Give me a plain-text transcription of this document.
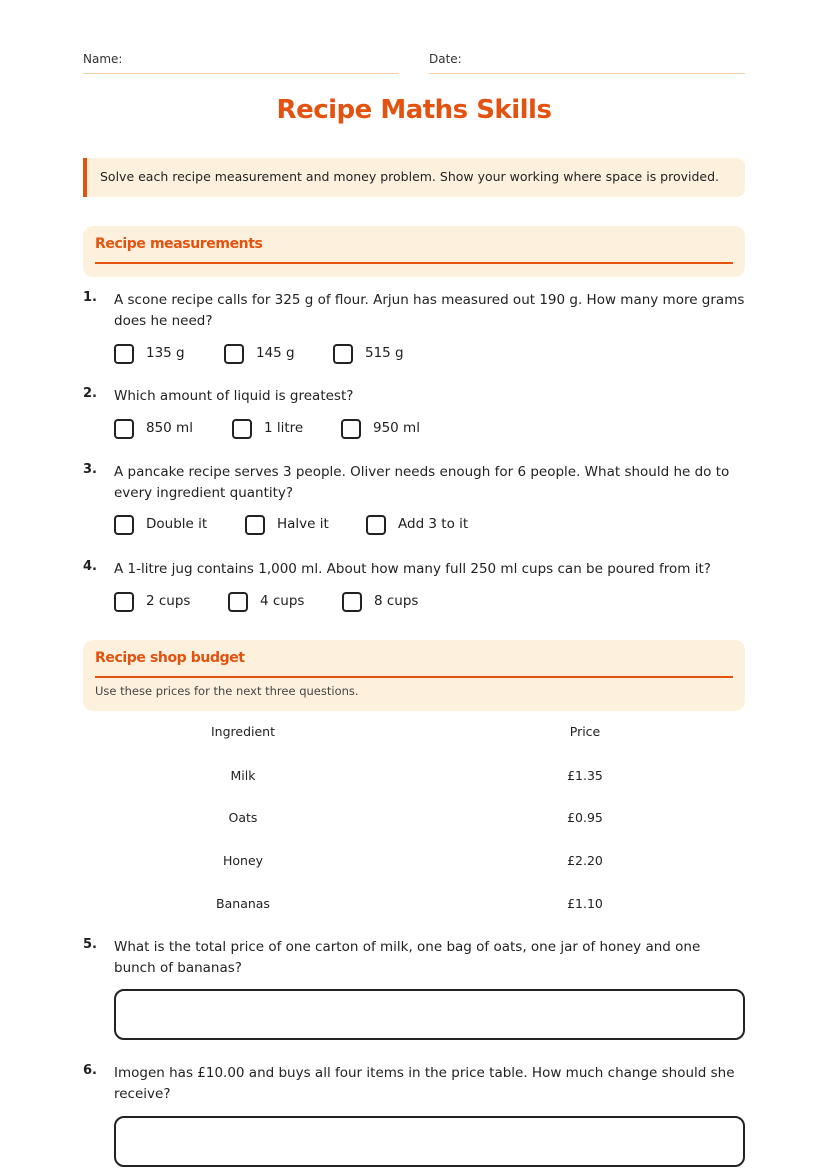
Name:	Date:
Recipe Maths Skills
Solve each recipe measurement and money problem. Show your working where space is provided.
Recipe measurements
1. A scone recipe calls for 325 g of flour. Arjun has measured out 190 g. How many more grams does he need?
135 g	145 g	515 g
2. Which amount of liquid is greatest?
850 ml	1 litre	950 ml
3. A pancake recipe serves 3 people. Oliver needs enough for 6 people. What should he do to every ingredient quantity?
Double it	Halve it	Add 3 to it
4. A 1-litre jug contains 1,000 ml. About how many full 250 ml cups can be poured from it?
2 cups	4 cups	8 cups
Recipe shop budget
Use these prices for the next three questions.
Ingredient	Price
Milk	£1.35
Oats	£0.95
Honey	£2.20
Bananas	£1.10
5. What is the total price of one carton of milk, one bag of oats, one jar of honey and one bunch of bananas?
6. Imogen has £10.00 and buys all four items in the price table. How much change should she receive?
